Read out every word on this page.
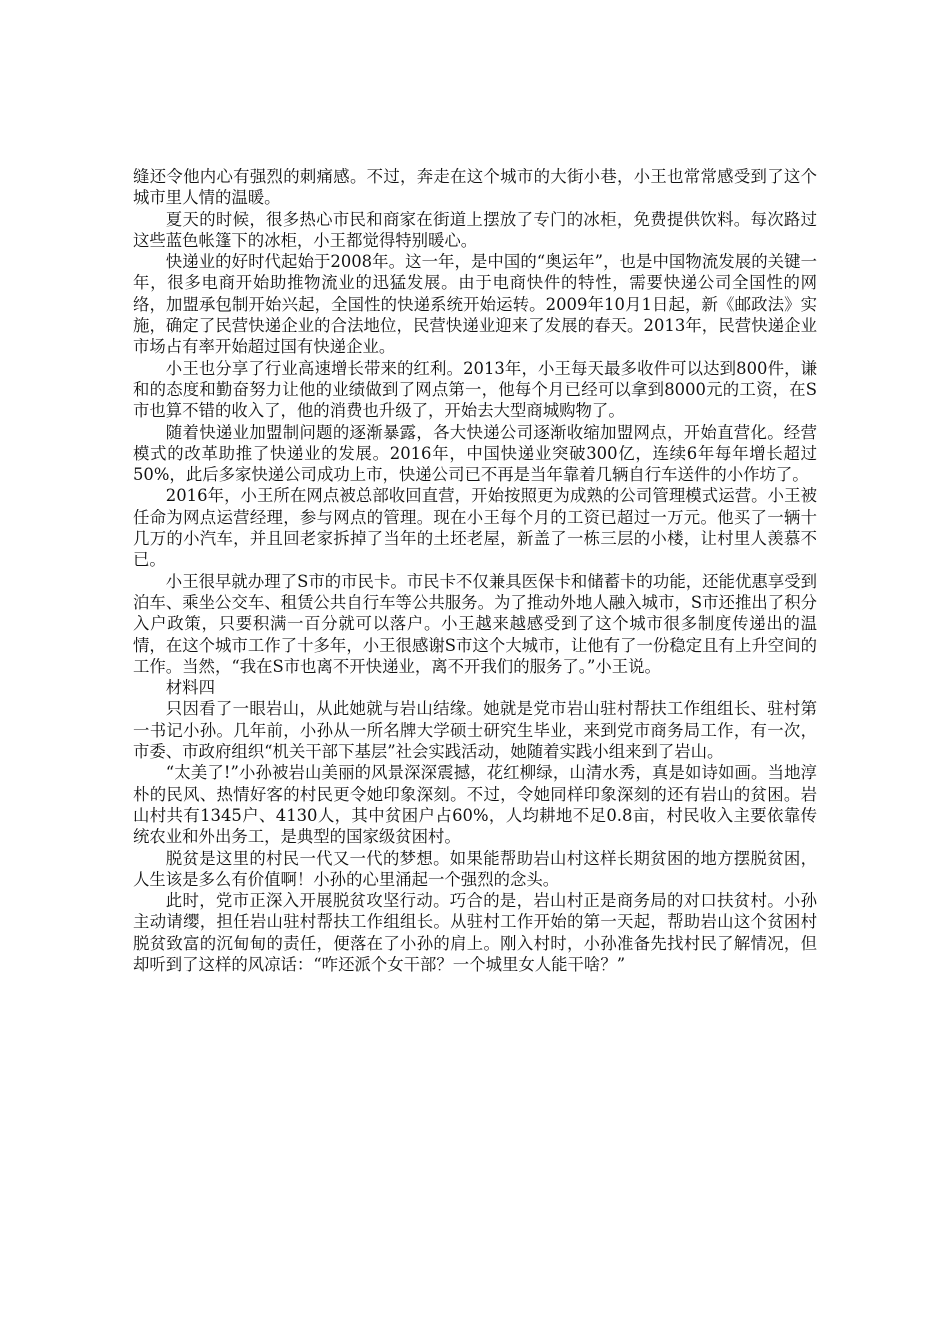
缝还令他内心有强烈的刺痛感。不过，奔走在这个城市的大街小巷，小王也常常感受到了这个城市里人情的温暖。

夏天的时候，很多热心市民和商家在街道上摆放了专门的冰柜，免费提供饮料。每次路过这些蓝色帐篷下的冰柜，小王都觉得特别暖心。

快递业的好时代起始于2008年。这一年，是中国的“奥运年”，也是中国物流发展的关键一年，很多电商开始助推物流业的迅猛发展。由于电商快件的特性，需要快递公司全国性的网络，加盟承包制开始兴起，全国性的快递系统开始运转。2009年10月1日起，新《邮政法》实施，确定了民营快递企业的合法地位，民营快递业迎来了发展的春天。2013年，民营快递企业市场占有率开始超过国有快递企业。

小王也分享了行业高速增长带来的红利。2013年，小王每天最多收件可以达到800件，谦和的态度和勤奋努力让他的业绩做到了网点第一，他每个月已经可以拿到8000元的工资，在S市也算不错的收入了，他的消费也升级了，开始去大型商城购物了。

随着快递业加盟制问题的逐渐暴露，各大快递公司逐渐收缩加盟网点，开始直营化。经营模式的改革助推了快递业的发展。2016年，中国快递业突破300亿，连续6年每年增长超过50%，此后多家快递公司成功上市，快递公司已不再是当年靠着几辆自行车送件的小作坊了。

2016年，小王所在网点被总部收回直营，开始按照更为成熟的公司管理模式运营。小王被任命为网点运营经理，参与网点的管理。现在小王每个月的工资已超过一万元。他买了一辆十几万的小汽车，并且回老家拆掉了当年的土坯老屋，新盖了一栋三层的小楼，让村里人羡慕不已。

小王很早就办理了S市的市民卡。市民卡不仅兼具医保卡和储蓄卡的功能，还能优惠享受到泊车、乘坐公交车、租赁公共自行车等公共服务。为了推动外地人融入城市，S市还推出了积分入户政策，只要积满一百分就可以落户。小王越来越感受到了这个城市很多制度传递出的温情，在这个城市工作了十多年，小王很感谢S市这个大城市，让他有了一份稳定且有上升空间的工作。当然，“我在S市也离不开快递业，离不开我们的服务了。”小王说。

材料四

只因看了一眼岩山，从此她就与岩山结缘。她就是党市岩山驻村帮扶工作组组长、驻村第一书记小孙。几年前，小孙从一所名牌大学硕士研究生毕业，来到党市商务局工作，有一次，市委、市政府组织“机关干部下基层”社会实践活动，她随着实践小组来到了岩山。

“太美了!”小孙被岩山美丽的风景深深震撼，花红柳绿，山清水秀，真是如诗如画。当地淳朴的民风、热情好客的村民更令她印象深刻。不过，令她同样印象深刻的还有岩山的贫困。岩山村共有1345户、4130人，其中贫困户占60%，人均耕地不足0.8亩，村民收入主要依靠传统农业和外出务工，是典型的国家级贫困村。

脱贫是这里的村民一代又一代的梦想。如果能帮助岩山村这样长期贫困的地方摆脱贫困，人生该是多么有价值啊！小孙的心里涌起一个强烈的念头。

此时，党市正深入开展脱贫攻坚行动。巧合的是，岩山村正是商务局的对口扶贫村。小孙主动请缨，担任岩山驻村帮扶工作组组长。从驻村工作开始的第一天起，帮助岩山这个贫困村脱贫致富的沉甸甸的责任，便落在了小孙的肩上。刚入村时，小孙准备先找村民了解情况，但却听到了这样的风凉话：“咋还派个女干部？一个城里女人能干啥？”
